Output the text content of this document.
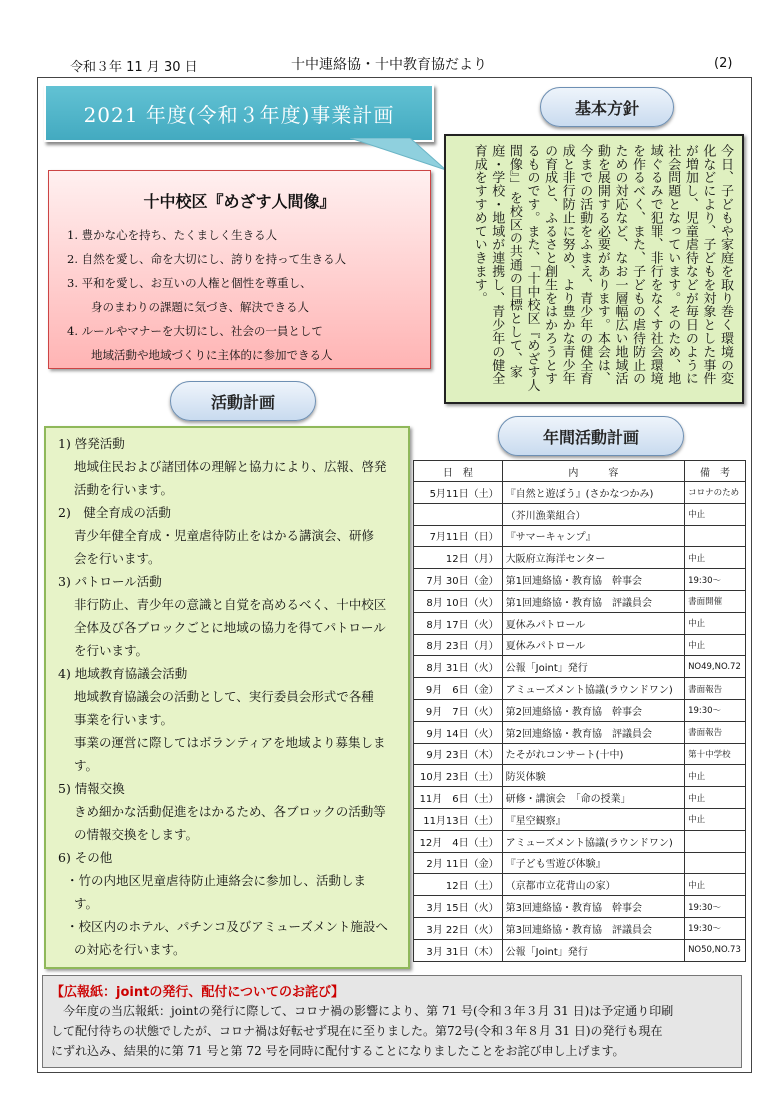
令和３年 11 月 30 日	十中連絡協・十中教育協だより	(2)
2021 年度(令和３年度)事業計画	基本方針
今日、子どもや家庭を取り巻く環境の変化などにより、子どもを対象とした事件が増加し、児童虐待などが毎日のように社会問題となっています。そのため、地域ぐるみで犯罪、非行をなくす社会環境を作るべく、また、子どもの虐待防止のための対応など、なお一層幅広い地域活動を展開する必要があります。本会は、今までの活動をふまえ、青少年の健全育成と非行防止に努め、より豊かな青少年の育成と、ふるさと創生をはかろうとするものです。また、「十中校区『めざす人間像』」を校区の共通の目標として、家庭・学校・地域が連携し、青少年の健全育成をすすめていきます。
十中校区『めざす人間像』
1. 豊かな心を持ち、たくましく生きる人
2. 自然を愛し、命を大切にし、誇りを持って生きる人
3. 平和を愛し、お互いの人権と個性を尊重し、
身のまわりの課題に気づき、解決できる人
4. ルールやマナーを大切にし、社会の一員として
地域活動や地域づくりに主体的に参加できる人
活動計画
1) 啓発活動
地域住民および諸団体の理解と協力により、広報、啓発
活動を行います。
2)　健全育成の活動
青少年健全育成・児童虐待防止をはかる講演会、研修
会を行います。
3) パトロール活動
非行防止、青少年の意識と自覚を高めるべく、十中校区
全体及び各ブロックごとに地域の協力を得てパトロール
を行います。
4) 地域教育協議会活動
地域教育協議会の活動として、実行委員会形式で各種
事業を行います。
事業の運営に際してはボランティアを地域より募集しま
す。
5) 情報交換
きめ細かな活動促進をはかるため、各ブロックの活動等
の情報交換をします。
6) その他
・竹の内地区児童虐待防止連絡会に参加し、活動しま
す。
・校区内のホテル、パチンコ及びアミューズメント施設へ
の対応を行います。
年間活動計画
日　程	内　　　容	備　考
5月11日（土）	『自然と遊ぼう』(さかなつかみ)	コロナのため
	（芥川漁業組合）	中止
7月11日（日）	『サマーキャンプ』	
12日（月）	大阪府立海洋センター	中止
7月 30日（金）	第1回連絡協・教育協　幹事会	19:30～
8月 10日（火）	第1回連絡協・教育協　評議員会	書面開催
8月 17日（火）	夏休みパトロール	中止
8月 23日（月）	夏休みパトロール	中止
8月 31日（火）	公報「Joint」発行	NO49,NO.72
9月　6日（金）	アミューズメント協議(ラウンドワン)	書面報告
9月　7日（火）	第2回連絡協・教育協　幹事会	19:30～
9月 14日（火）	第2回連絡協・教育協　評議員会	書面報告
9月 23日（木）	たそがれコンサート(十中)	第十中学校
10月 23日（土）	防災体験	中止
11月　6日（土）	研修・講演会　「命の授業」	中止
11月13日（土）	『星空観察』	中止
12月　4日（土）	アミューズメント協議(ラウンドワン)	
2月 11日（金）	『子ども雪遊び体験』	
12日（土）	（京都市立花背山の家）	中止
3月 15日（火）	第3回連絡協・教育協　幹事会	19:30～
3月 22日（火）	第3回連絡協・教育協　評議員会	19:30～
3月 31日（木）	公報「Joint」発行	NO50,NO.73
【広報紙：jointの発行、配付についてのお詫び】
今年度の当広報紙：jointの発行に際して、コロナ禍の影響により、第 71 号(令和３年３月 31 日)は予定通り印刷
して配付待ちの状態でしたが、コロナ禍は好転せず現在に至りました。第72号(令和３年８月 31 日)の発行も現在
にずれ込み、結果的に第 71 号と第 72 号を同時に配付することになりましたことをお詫び申し上げます。
